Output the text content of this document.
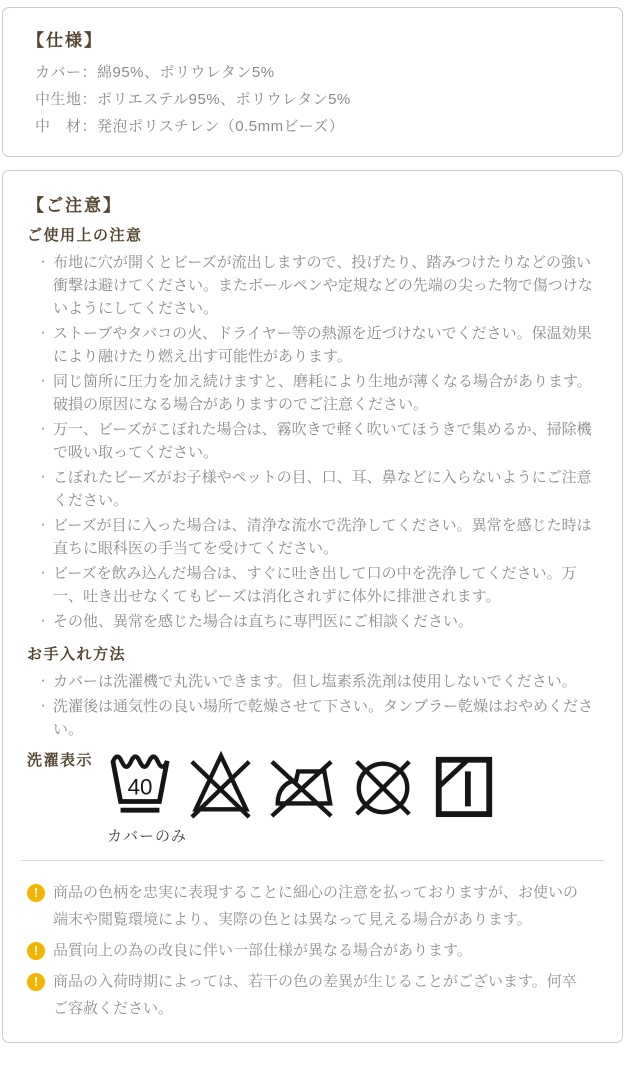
【仕様】

カバー：綿95%、ポリウレタン5%

中生地：ポリエステル95%、ポリウレタン5%

中　材：発泡ポリスチレン（0.5mmビーズ）

【ご注意】
ご使用上の注意
・ 布地に穴が開くとビーズが流出しますので、投げたり、踏みつけたりなどの強い衝撃は避けてください。またボールペンや定規などの先端の尖った物で傷つけないようにしてください。
・ ストーブやタバコの火、ドライヤー等の熱源を近づけないでください。保温効果により融けたり燃え出す可能性があります。
・ 同じ箇所に圧力を加え続けますと、磨耗により生地が薄くなる場合があります。破損の原因になる場合がありますのでご注意ください。
・ 万一、ビーズがこぼれた場合は、霧吹きで軽く吹いてほうきで集めるか、掃除機で吸い取ってください。
・ こぼれたビーズがお子様やペットの目、口、耳、鼻などに入らないようにご注意ください。
・ ビーズが目に入った場合は、清浄な流水で洗浄してください。異常を感じた時は直ちに眼科医の手当てを受けてください。
・ ビーズを飲み込んだ場合は、すぐに吐き出して口の中を洗浄してください。万一、吐き出せなくてもビーズは消化されずに体外に排泄されます。
・ その他、異常を感じた場合は直ちに専門医にご相談ください。
お手入れ方法
・ カバーは洗濯機で丸洗いできます。但し塩素系洗剤は使用しないでください。
・ 洗濯後は通気性の良い場所で乾燥させて下さい。タンブラー乾燥はおやめください。
洗濯表示
40
カバーのみ
! 商品の色柄を忠実に表現することに細心の注意を払っておりますが、お使いの端末や閲覧環境により、実際の色とは異なって見える場合があります。
! 品質向上の為の改良に伴い一部仕様が異なる場合があります。
! 商品の入荷時期によっては、若干の色の差異が生じることがございます。何卒ご容赦ください。
